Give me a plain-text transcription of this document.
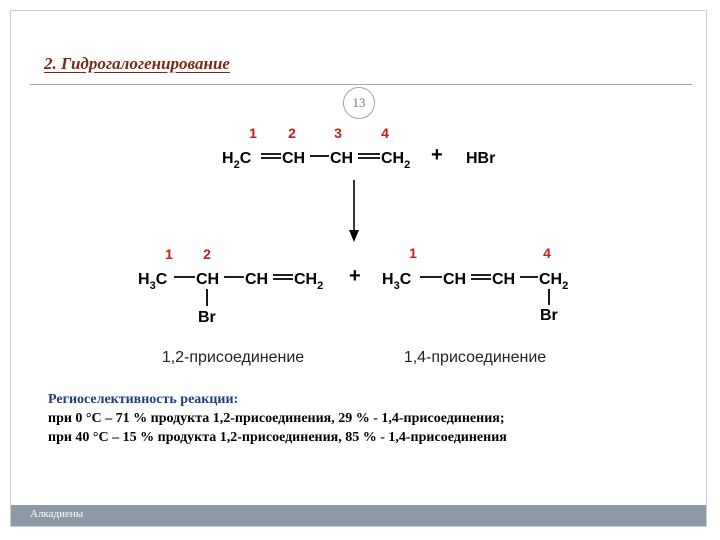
2. Гидрогалогенирование
13
1 2	3	4
$H_2C$ CH CH $CH_2$ + HBr
1 2
$H_3C$ CH CH $CH_2$
Br
+
1,2-присоединение
1	4
$H_3C$ CH CH $CH_2$
Br
1,4-присоединение
Региоселективность реакции:
при 0 °С – 71 % продукта 1,2-присоединения, 29 % - 1,4-присоединения;
при 40 °С – 15 % продукта 1,2-присоединения, 85 % - 1,4-присоединения
Алкадиены
